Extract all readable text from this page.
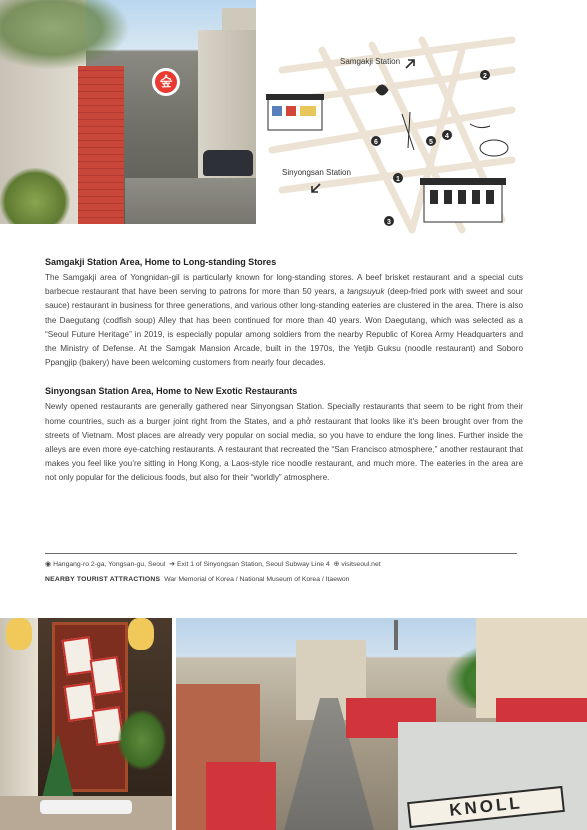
숲
Samgakji Station
Sinyongsan Station
2
4
5
6
1
3
Samgakji Station Area, Home to Long-standing Stores

The Samgakji area of Yongnidan-gil is particularly known for long-standing stores. A beef brisket restaurant and a special cuts barbecue restaurant that have been serving to patrons for more than 50 years, a tangsuyuk (deep-fried pork with sweet and sour sauce) restaurant in business for three generations, and various other long-standing eateries are clustered in the area. There is also the Daegutang (codfish soup) Alley that has been continued for more than 40 years. Won Daegutang, which was selected as a “Seoul Future Heritage” in 2019, is especially popular among soldiers from the nearby Republic of Korea Army Headquarters and the Ministry of Defense. At the Samgak Mansion Arcade, built in the 1970s, the Yetjib Guksu (noodle restaurant) and Soboro Ppangjip (bakery) have been welcoming customers from nearly four decades.

Sinyongsan Station Area, Home to New Exotic Restaurants

Newly opened restaurants are generally gathered near Sinyongsan Station. Specially restaurants that seem to be right from their home countries, such as a burger joint right from the States, and a phở restaurant that looks like it’s been brought over from the streets of Vietnam. Most places are already very popular on social media, so you have to endure the long lines. Further inside the alleys are even more eye-catching restaurants. A restaurant that recreated the “San Francisco atmosphere,” another restaurant that makes you feel like you’re sitting in Hong Kong, a Laos-style rice noodle restaurant, and much more. The eateries in the area are not only popular for the delicious foods, but also for their “worldly” atmosphere.

◉ Hangang-ro 2-ga, Yongsan-gu, Seoul ➔ Exit 1 of Sinyongsan Station, Seoul Subway Line 4 ⊕ visitseoul.net
NEARBY TOURIST ATTRACTIONS War Memorial of Korea / National Museum of Korea / Itaewon
KNOLL
